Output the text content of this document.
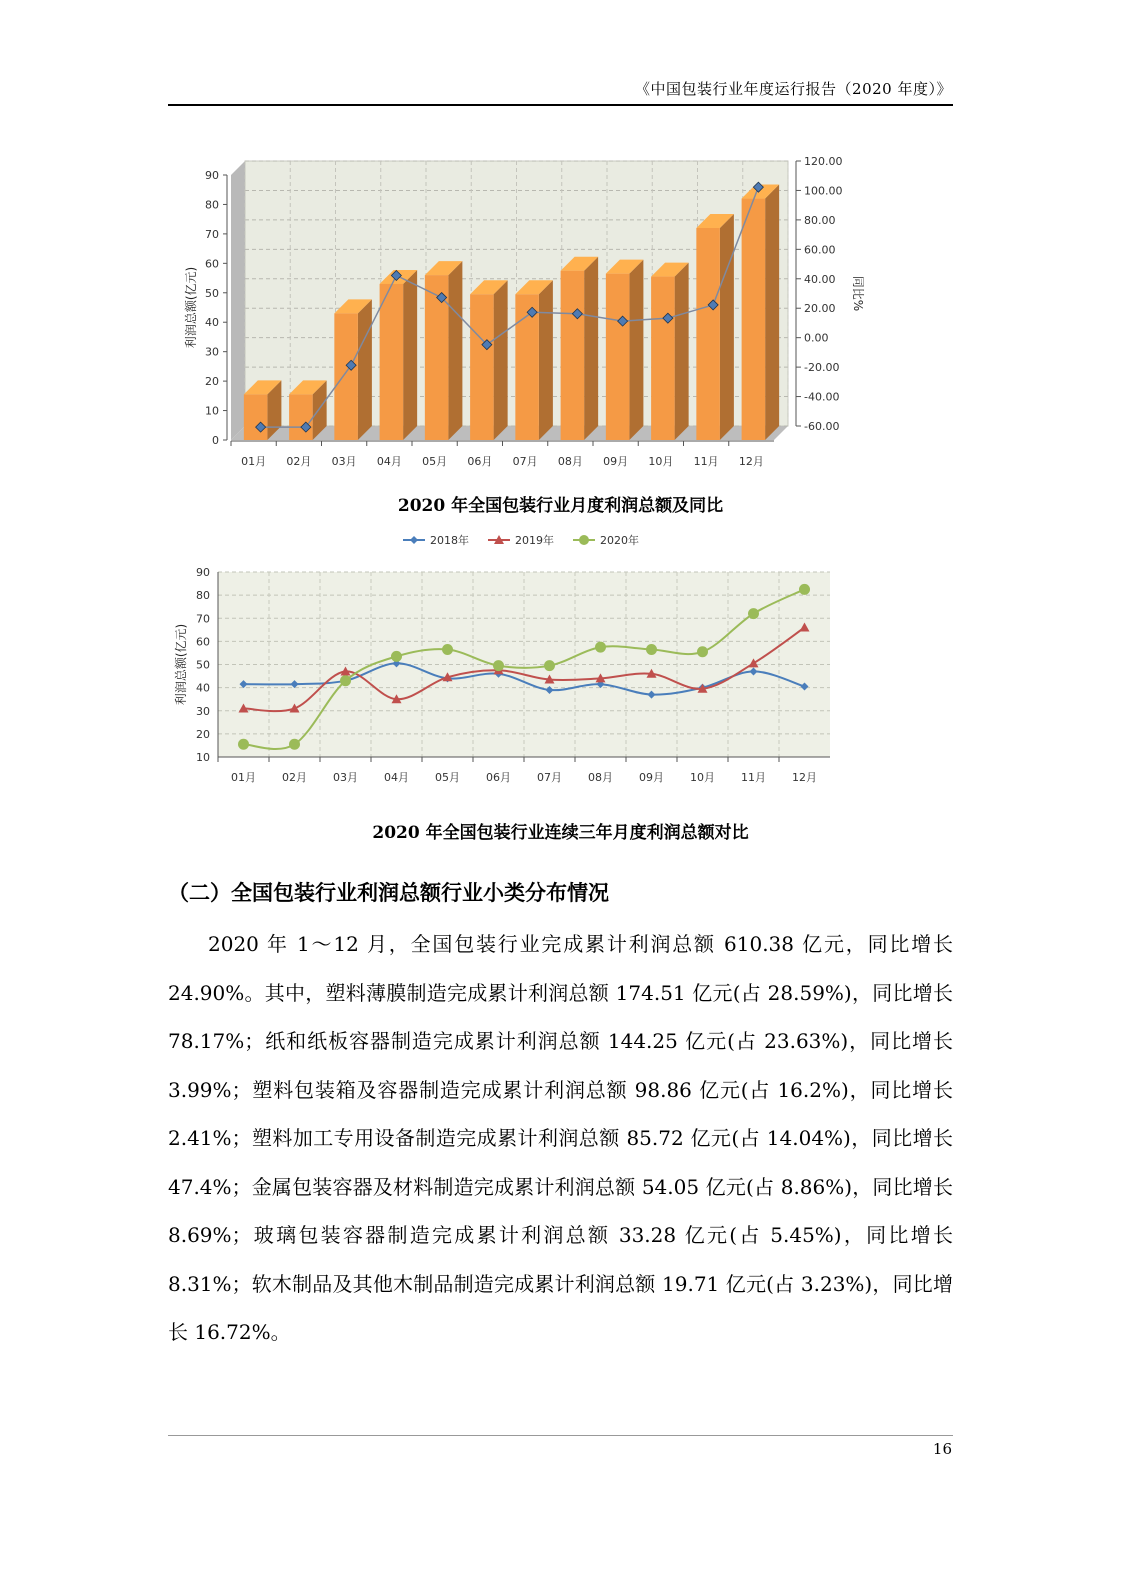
《中国包装行业年度运行报告（2020 年度）》
0
10
20
30
40
50
60
70
80
90
-60.00
-40.00
-20.00
0.00
20.00
40.00
60.00
80.00
100.00
120.00
01月 02月 03月 04月 05月 06月 07月 08月 09月 10月 11月 12月
利润总额(亿元)	同比%
2020 年全国包装行业月度利润总额及同比
2018年	2019年	2020年
10
20
30
40
50
60
70
80
90
01月 02月 03月 04月 05月 06月 07月 08月 09月 10月 11月 12月
利润总额(亿元)
2020 年全国包装行业连续三年月度利润总额对比
（二）全国包装行业利润总额行业小类分布情况
2020 年 1～12 月，全国包装行业完成累计利润总额 610.38 亿元，同比增长 24.90%。其中，塑料薄膜制造完成累计利润总额 174.51 亿元(占 28.59%)，同比增长 78.17%；纸和纸板容器制造完成累计利润总额 144.25 亿元(占 23.63%)，同比增长 3.99%；塑料包装箱及容器制造完成累计利润总额 98.86 亿元(占 16.2%)，同比增长 2.41%；塑料加工专用设备制造完成累计利润总额 85.72 亿元(占 14.04%)，同比增长 47.4%；金属包装容器及材料制造完成累计利润总额 54.05 亿元(占 8.86%)，同比增长 8.69%；玻璃包装容器制造完成累计利润总额 33.28 亿元(占 5.45%)，同比增长 8.31%；软木制品及其他木制品制造完成累计利润总额 19.71 亿元(占 3.23%)，同比增长 16.72%。
16
